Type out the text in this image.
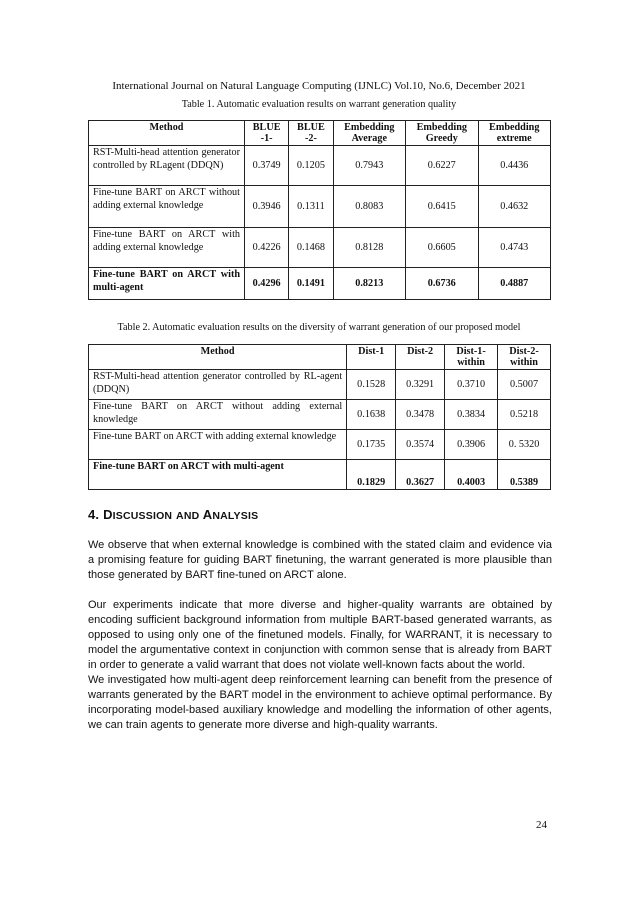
International Journal on Natural Language Computing (IJNLC) Vol.10, No.6, December 2021
Table 1. Automatic evaluation results on warrant generation quality
Method	BLUE -1-	BLUE -2-	Embedding Average	Embedding Greedy	Embedding extreme
RST-Multi-head attention generator controlled by RLagent (DDQN)	0.3749	0.1205	0.7943	0.6227	0.4436
Fine-tune BART on ARCT without adding external knowledge	0.3946	0.1311	0.8083	0.6415	0.4632
Fine-tune BART on ARCT with adding external knowledge	0.4226	0.1468	0.8128	0.6605	0.4743
Fine-tune BART on ARCT with multi-agent	0.4296	0.1491	0.8213	0.6736	0.4887
Table 2. Automatic evaluation results on the diversity of warrant generation of our proposed model
Method	Dist-1	Dist-2	Dist-1- within	Dist-2- within
RST-Multi-head attention generator controlled by RL-agent (DDQN)	0.1528	0.3291	0.3710	0.5007
Fine-tune BART on ARCT without adding external knowledge	0.1638	0.3478	0.3834	0.5218
Fine-tune BART on ARCT with adding external knowledge	0.1735	0.3574	0.3906	0. 5320
Fine-tune BART on ARCT with multi-agent	0.1829	0.3627	0.4003	0.5389
4. DISCUSSION AND ANALYSIS

We observe that when external knowledge is combined with the stated claim and evidence via a promising feature for guiding BART finetuning, the warrant generated is more plausible than those generated by BART fine-tuned on ARCT alone.

Our experiments indicate that more diverse and higher-quality warrants are obtained by encoding sufficient background information from multiple BART-based generated warrants, as opposed to using only one of the finetuned models. Finally, for WARRANT, it is necessary to model the argumentative context in conjunction with common sense that is already from BART in order to generate a valid warrant that does not violate well-known facts about the world.

We investigated how multi-agent deep reinforcement learning can benefit from the presence of warrants generated by the BART model in the environment to achieve optimal performance. By incorporating model-based auxiliary knowledge and modelling the information of other agents, we can train agents to generate more diverse and high-quality warrants.

24
